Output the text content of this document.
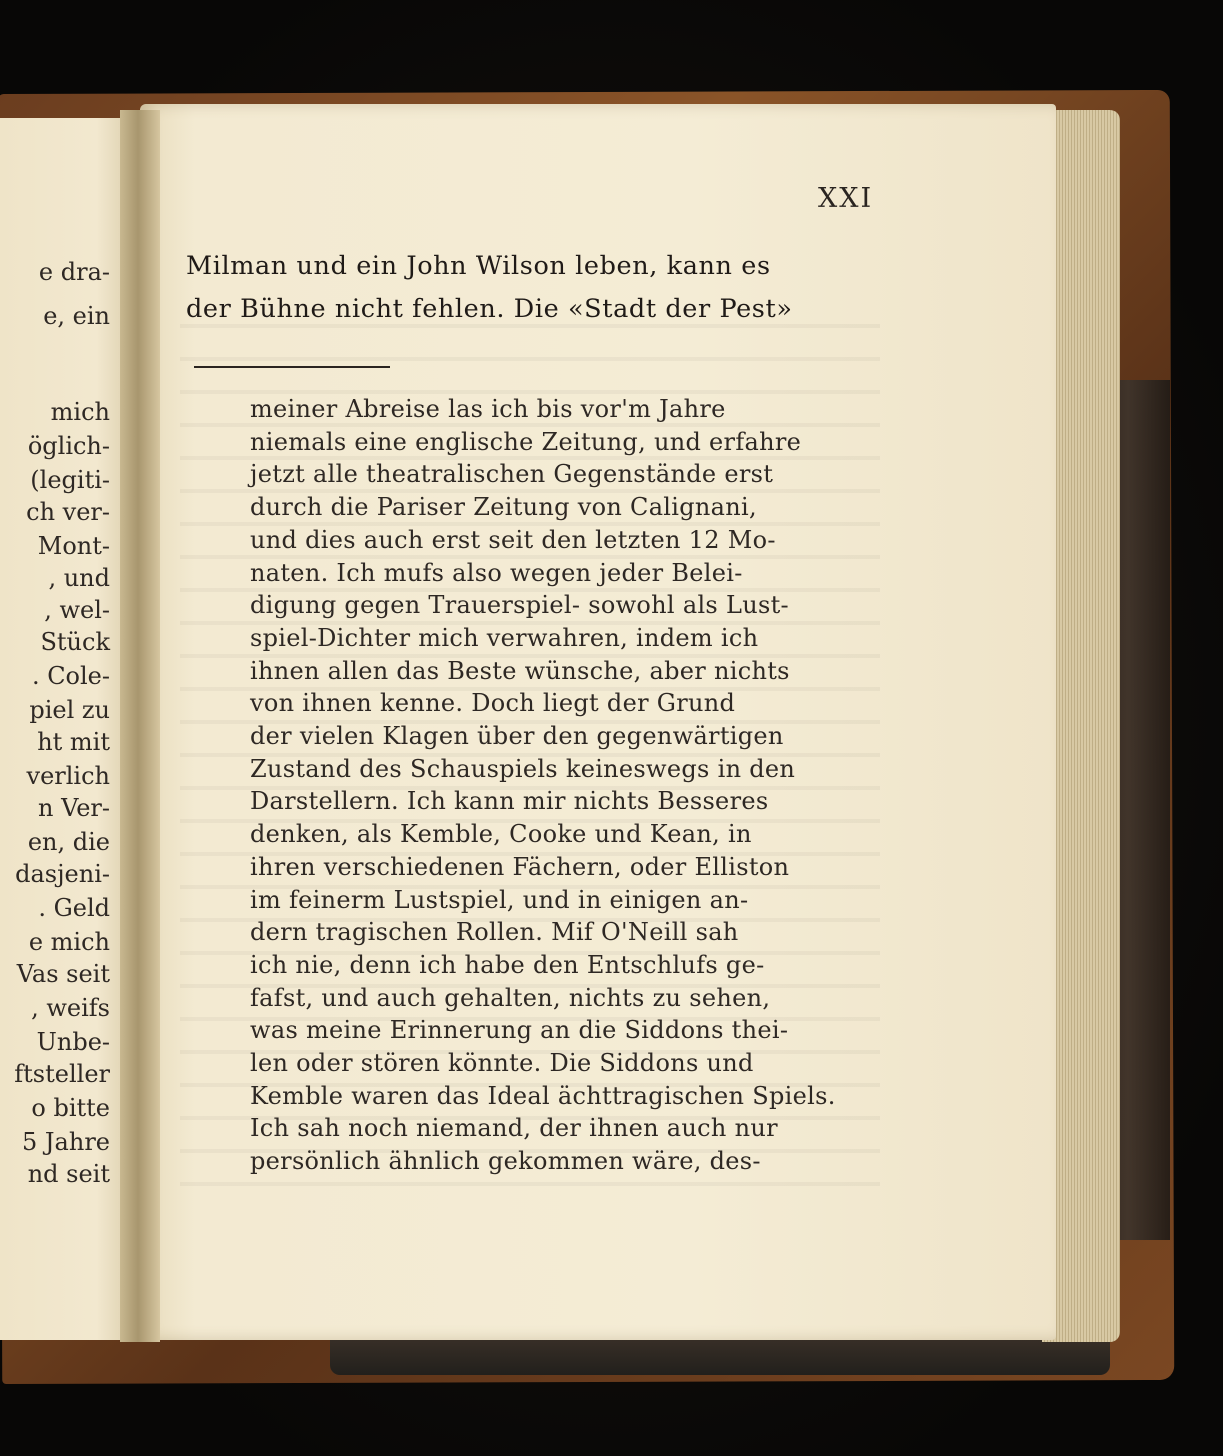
e dra-
e, ein
mich
öglich-
(legiti-
ch ver-
Mont-
, und
, wel-
Stück
. Cole-
piel zu
ht mit
verlich
n Ver-
en, die
dasjeni-
. Geld
e mich
Vas seit
, weifs
Unbe-
ftsteller
o bitte
5 Jahre
nd seit
XXI
Milman und ein John Wilson leben, kann es
der Bühne nicht fehlen. Die «Stadt der Pest»
meiner Abreise las ich bis vor'm Jahre
niemals eine englische Zeitung, und erfahre
jetzt alle theatralischen Gegenstände erst
durch die Pariser Zeitung von Calignani,
und dies auch erst seit den letzten 12 Mo-
naten. Ich mufs also wegen jeder Belei-
digung gegen Trauerspiel- sowohl als Lust-
spiel-Dichter mich verwahren, indem ich
ihnen allen das Beste wünsche, aber nichts
von ihnen kenne. Doch liegt der Grund
der vielen Klagen über den gegenwärtigen
Zustand des Schauspiels keineswegs in den
Darstellern. Ich kann mir nichts Besseres
denken, als Kemble, Cooke und Kean, in
ihren verschiedenen Fächern, oder Elliston
im feinerm Lustspiel, und in einigen an-
dern tragischen Rollen. Mif O'Neill sah
ich nie, denn ich habe den Entschlufs ge-
fafst, und auch gehalten, nichts zu sehen,
was meine Erinnerung an die Siddons thei-
len oder stören könnte. Die Siddons und
Kemble waren das Ideal ächttragischen Spiels.
Ich sah noch niemand, der ihnen auch nur
persönlich ähnlich gekommen wäre, des-
